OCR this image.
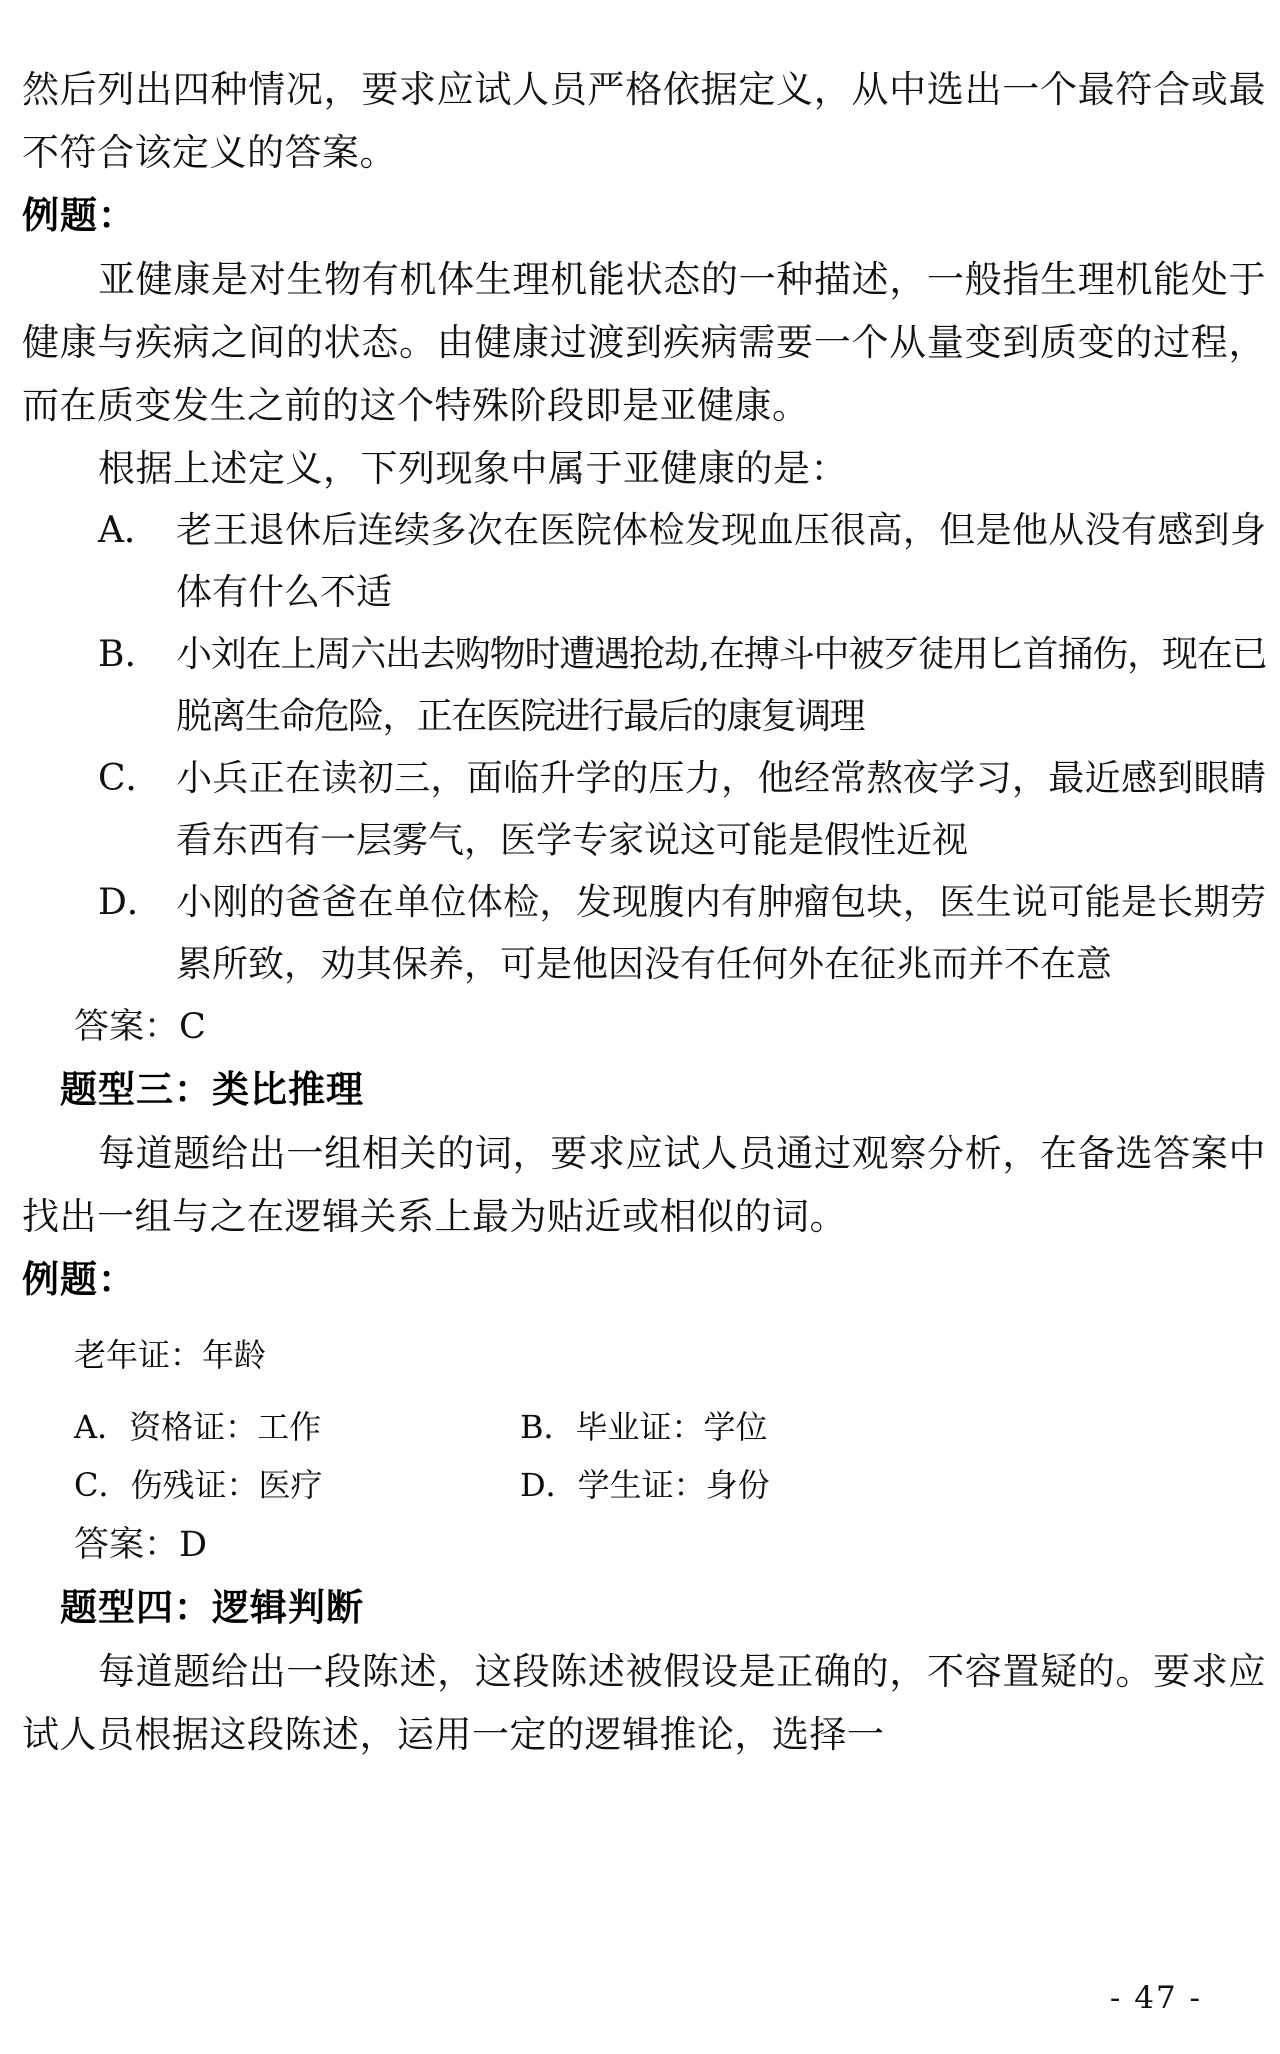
然后列出四种情况，要求应试人员严格依据定义，从中选出一个最符合或最不符合该定义的答案。

例题：

亚健康是对生物有机体生理机能状态的一种描述，一般指生理机能处于健康与疾病之间的状态。由健康过渡到疾病需要一个从量变到质变的过程，而在质变发生之前的这个特殊阶段即是亚健康。

根据上述定义，下列现象中属于亚健康的是：

A． 老王退休后连续多次在医院体检发现血压很高，但是他从没有感到身体有什么不适
B.	小刘在上周六出去购物时遭遇抢劫,在搏斗中被歹徒用匕首捅伤，现在已脱离生命危险，正在医院进行最后的康复调理
C． 小兵正在读初三，面临升学的压力，他经常熬夜学习，最近感到眼睛看东西有一层雾气，医学专家说这可能是假性近视
D． 小刚的爸爸在单位体检，发现腹内有肿瘤包块，医生说可能是长期劳累所致，劝其保养，可是他因没有任何外在征兆而并不在意

答案：C

题型三：类比推理

每道题给出一组相关的词，要求应试人员通过观察分析，在备选答案中找出一组与之在逻辑关系上最为贴近或相似的词。

例题：

老年证：年龄

A．资格证：工作	B．毕业证：学位
C．伤残证：医疗	D．学生证：身份

答案：D

题型四：逻辑判断

每道题给出一段陈述，这段陈述被假设是正确的，不容置疑的。要求应试人员根据这段陈述，运用一定的逻辑推论，选择一

- 47 -
